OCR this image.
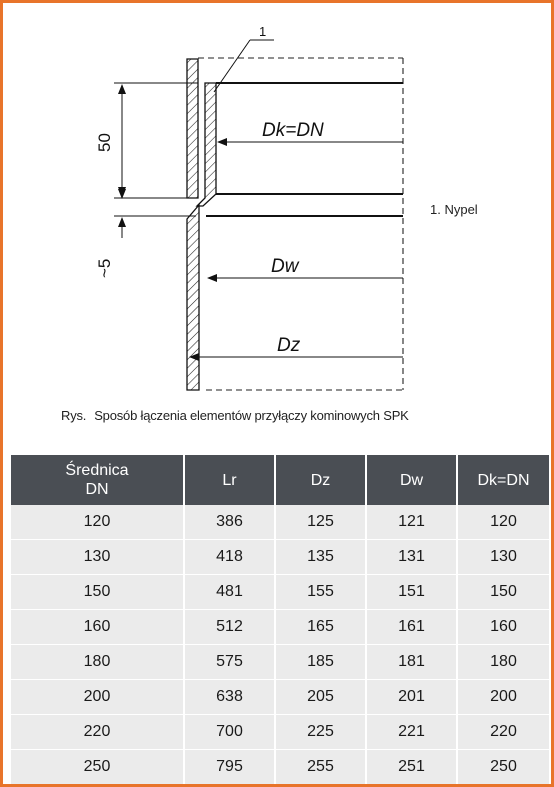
1
50
~5
Dk=DN
Dw
Dz
1. Nypel
Rys. Sposób łączenia elementów przyłączy kominowych SPK
Średnica
DN	Lr	Dz	Dw	Dk=DN
120	386	125	121	120
130	418	135	131	130
150	481	155	151	150
160	512	165	161	160
180	575	185	181	180
200	638	205	201	200
220	700	225	221	220
250	795	255	251	250
